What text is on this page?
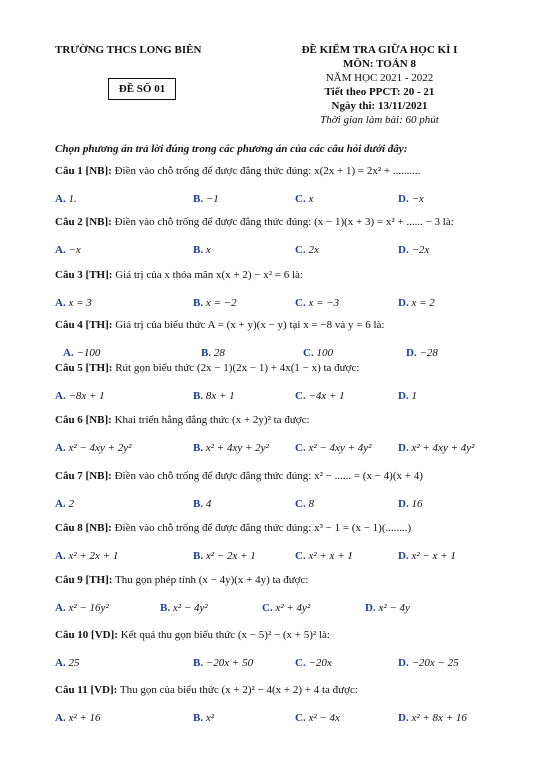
TRƯỜNG THCS LONG BIÊN	ĐỀ KIỂM TRA GIỮA HỌC KÌ I
MÔN: TOÁN 8
NĂM HỌC 2021 - 2022
Tiết theo PPCT: 20 - 21
Ngày thi: 13/11/2021
Thời gian làm bài: 60 phút
ĐỀ SỐ 01
Chọn phương án trả lời đúng trong các phương án của các câu hỏi dưới đây:
Câu 1 [NB]: Điền vào chỗ trống để được đẳng thức đúng: x(2x + 1) = 2x² + ..........
A. 1.	B. −1	C. x	D. −x
Câu 2 [NB]: Điền vào chỗ trống để được đẳng thức đúng: (x − 1)(x + 3) = x² + ...... − 3 là:
A. −x	B. x	C. 2x	D. −2x
Câu 3 [TH]: Giá trị của x thỏa mãn x(x + 2) − x² = 6 là:
A. x = 3	B. x = −2	C. x = −3	D. x = 2
Câu 4 [TH]: Giá trị của biểu thức A = (x + y)(x − y) tại x = −8 và y = 6 là:
A. −100	B. 28	C. 100	D. −28
Câu 5 [TH]: Rút gọn biểu thức (2x − 1)(2x − 1) + 4x(1 − x) ta được:
A. −8x + 1	B. 8x + 1	C. −4x + 1	D. 1
Câu 6 [NB]: Khai triển hằng đẳng thức (x + 2y)² ta được:
A. x² − 4xy + 2y²	B. x² + 4xy + 2y² C. x² − 4xy + 4y² D. x² + 4xy + 4y²
Câu 7 [NB]: Điền vào chỗ trống để được đẳng thức đúng: x² − ...... = (x − 4)(x + 4)
A. 2	B. 4	C. 8	D. 16
Câu 8 [NB]: Điền vào chỗ trống để được đẳng thức đúng: x³ − 1 = (x − 1)(........)
A. x² + 2x + 1	B. x² − 2x + 1	C. x² + x + 1	D. x² − x + 1
Câu 9 [TH]: Thu gọn phép tính (x − 4y)(x + 4y) ta được:
A. x² − 16y²	B. x² − 4y²	C. x² + 4y²	D. x² − 4y
Câu 10 [VD]: Kết quả thu gọn biểu thức (x − 5)² − (x + 5)² là:
A. 25	B. −20x + 50	C. −20x	D. −20x − 25
Câu 11 [VD]: Thu gọn của biểu thức (x + 2)² − 4(x + 2) + 4 ta được:
A. x² + 16	B. x²	C. x² − 4x	D. x² + 8x + 16
